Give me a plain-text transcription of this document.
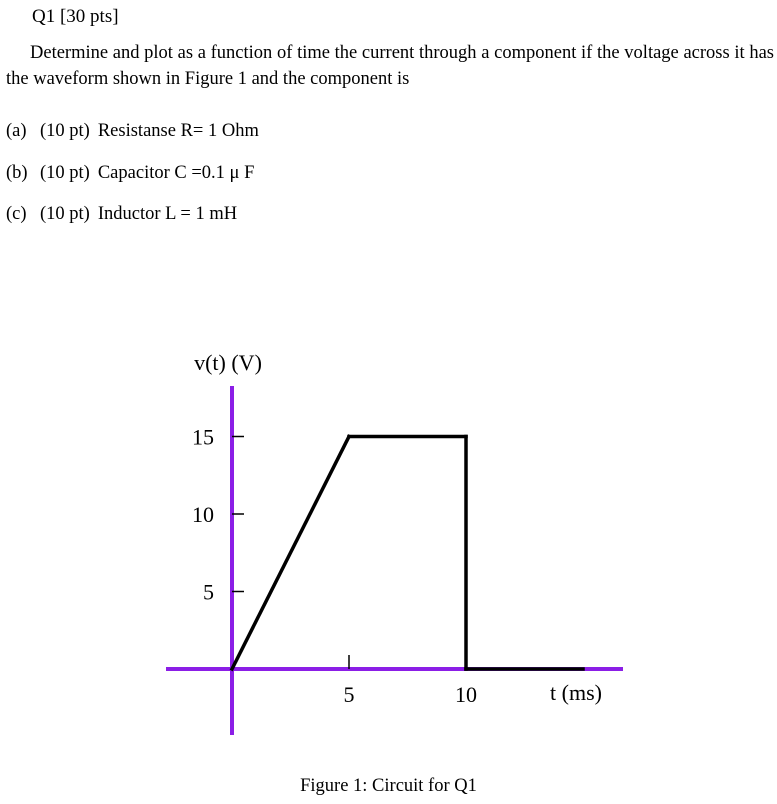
Q1 [30 pts]
Determine and plot as a function of time the current through a component if the voltage across it has the waveform shown in Figure 1 and the component is
(a) (10 pt) Resistanse R= 1 Ohm
(b) (10 pt) Capacitor C =0.1 μ F
(c) (10 pt) Inductor L = 1 mH
v(t) (V)
t (ms)
5
10
15
5	10
Figure 1: Circuit for Q1
